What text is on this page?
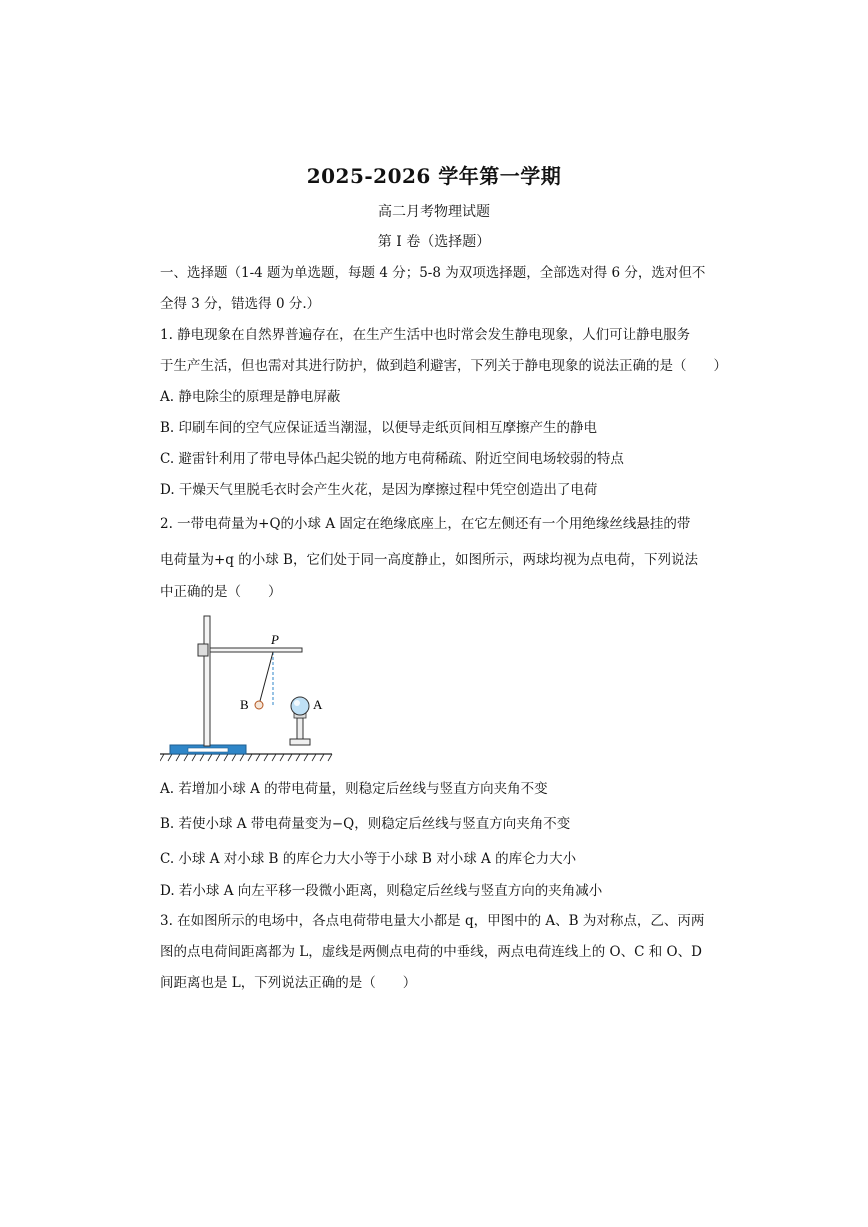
2025-2026 学年第一学期
高二月考物理试题
第 I 卷（选择题）
一、选择题（1-4 题为单选题，每题 4 分；5-8 为双项选择题，全部选对得 6 分，选对但不
全得 3 分，错选得 0 分.）
1. 静电现象在自然界普遍存在，在生产生活中也时常会发生静电现象，人们可让静电服务
于生产生活，但也需对其进行防护，做到趋利避害，下列关于静电现象的说法正确的是（　　）
A. 静电除尘的原理是静电屏蔽
B. 印刷车间的空气应保证适当潮湿，以便导走纸页间相互摩擦产生的静电
C. 避雷针利用了带电导体凸起尖锐的地方电荷稀疏、附近空间电场较弱的特点
D. 干燥天气里脱毛衣时会产生火花，是因为摩擦过程中凭空创造出了电荷
2. 一带电荷量为+Q的小球 A 固定在绝缘底座上，在它左侧还有一个用绝缘丝线悬挂的带
电荷量为+q 的小球 B，它们处于同一高度静止，如图所示，两球均视为点电荷，下列说法
中正确的是（　　）
P
B	A
A. 若增加小球 A 的带电荷量，则稳定后丝线与竖直方向夹角不变
B. 若使小球 A 带电荷量变为−Q，则稳定后丝线与竖直方向夹角不变
C. 小球 A 对小球 B 的库仑力大小等于小球 B 对小球 A 的库仑力大小
D. 若小球 A 向左平移一段微小距离，则稳定后丝线与竖直方向的夹角减小
3. 在如图所示的电场中，各点电荷带电量大小都是 q，甲图中的 A、B 为对称点，乙、丙两
图的点电荷间距离都为 L，虚线是两侧点电荷的中垂线，两点电荷连线上的 O、C 和 O、D
间距离也是 L，下列说法正确的是（　　）
